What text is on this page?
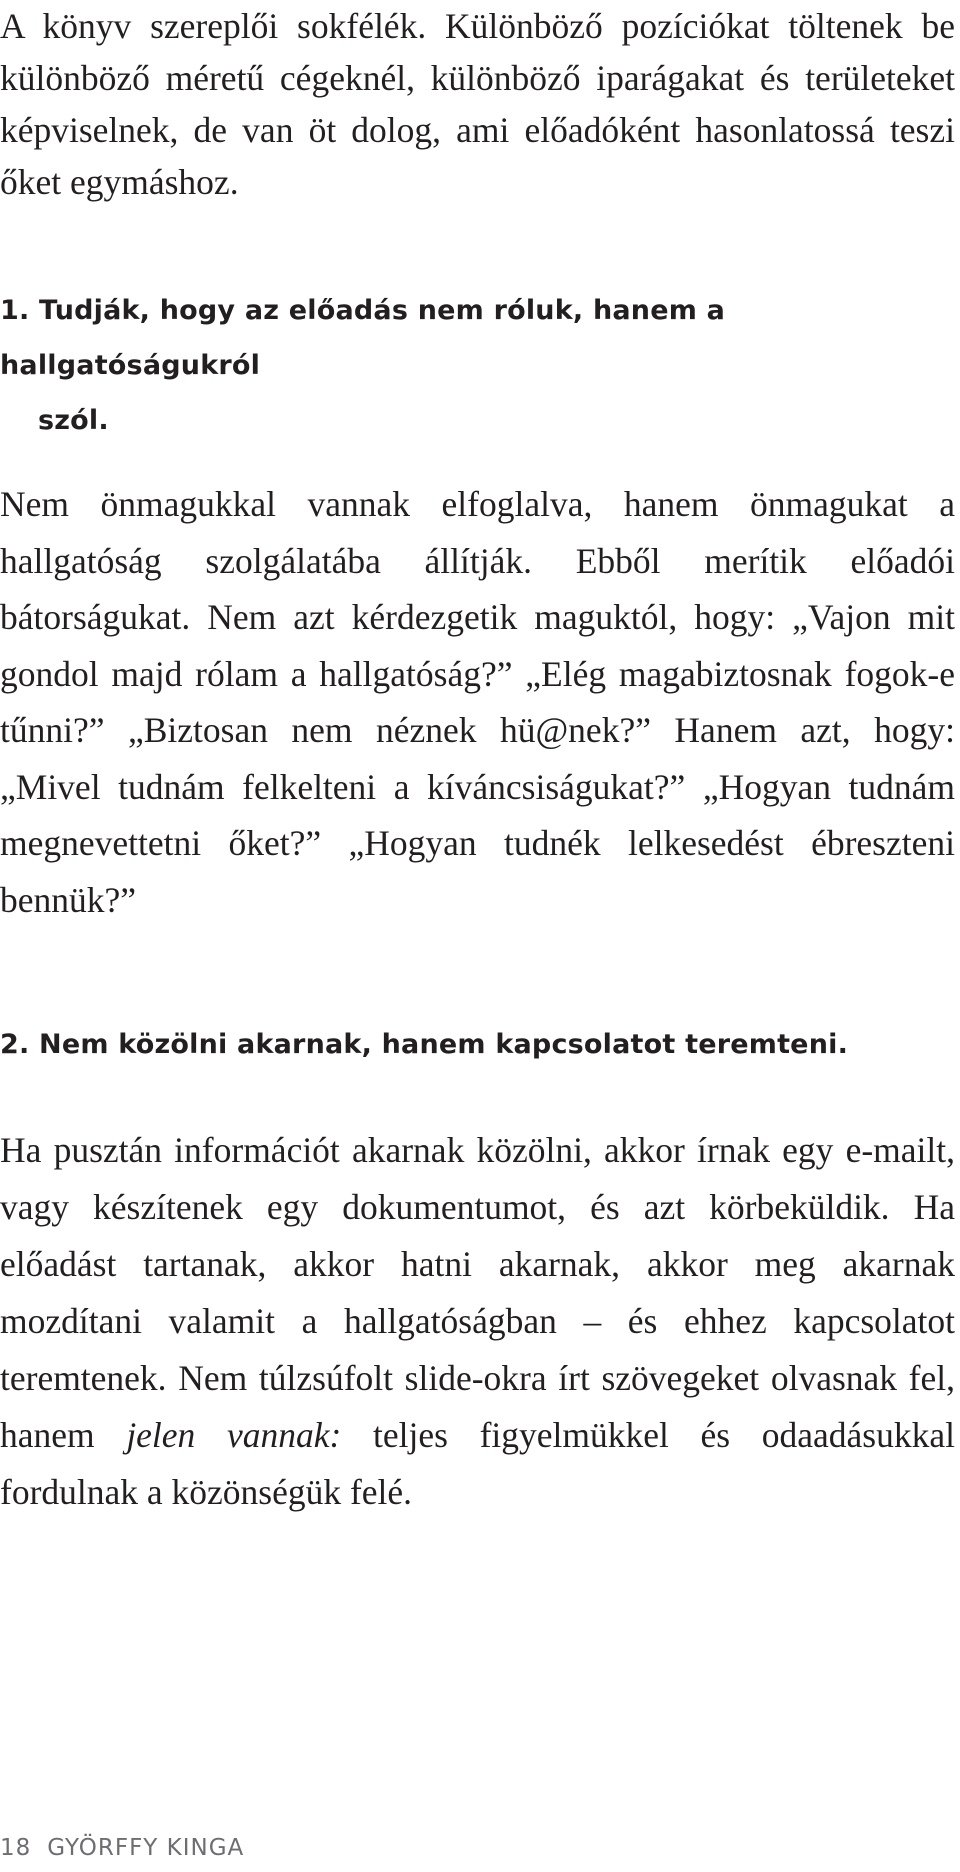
A könyv szereplői sokfélék. Különböző pozíciókat töltenek be különböző méretű cégeknél, különböző iparágakat és területeket képviselnek, de van öt dolog, ami előadóként hasonlatossá teszi őket egymáshoz.

1. Tudják, hogy az előadás nem róluk, hanem a hallgatóságukról
szól.

Nem önmagukkal vannak elfoglalva, hanem önmagukat a hallgatóság szolgálatába állítják. Ebből merítik előadói bátorságukat. Nem azt kérdezgetik maguktól, hogy: „Vajon mit gondol majd rólam a hallgatóság?” „Elég magabiztosnak fogok-e tűnni?” „Biztosan nem néznek hü@nek?” Hanem azt, hogy: „Mivel tudnám felkelteni a kíváncsiságukat?” „Hogyan tudnám megnevettetni őket?” „Hogyan tudnék lelkesedést ébreszteni bennük?”

2. Nem közölni akarnak, hanem kapcsolatot teremteni.

Ha pusztán információt akarnak közölni, akkor írnak egy e-mailt, vagy készítenek egy dokumentumot, és azt körbeküldik. Ha előadást tartanak, akkor hatni akarnak, akkor meg akarnak mozdítani valamit a hallgatóságban – és ehhez kapcsolatot teremtenek. Nem túlzsúfolt slide-okra írt szövegeket olvasnak fel, hanem jelen vannak: teljes figyelmükkel és odaadásukkal fordulnak a közönségük felé.

18 GYÖRFFY KINGA
